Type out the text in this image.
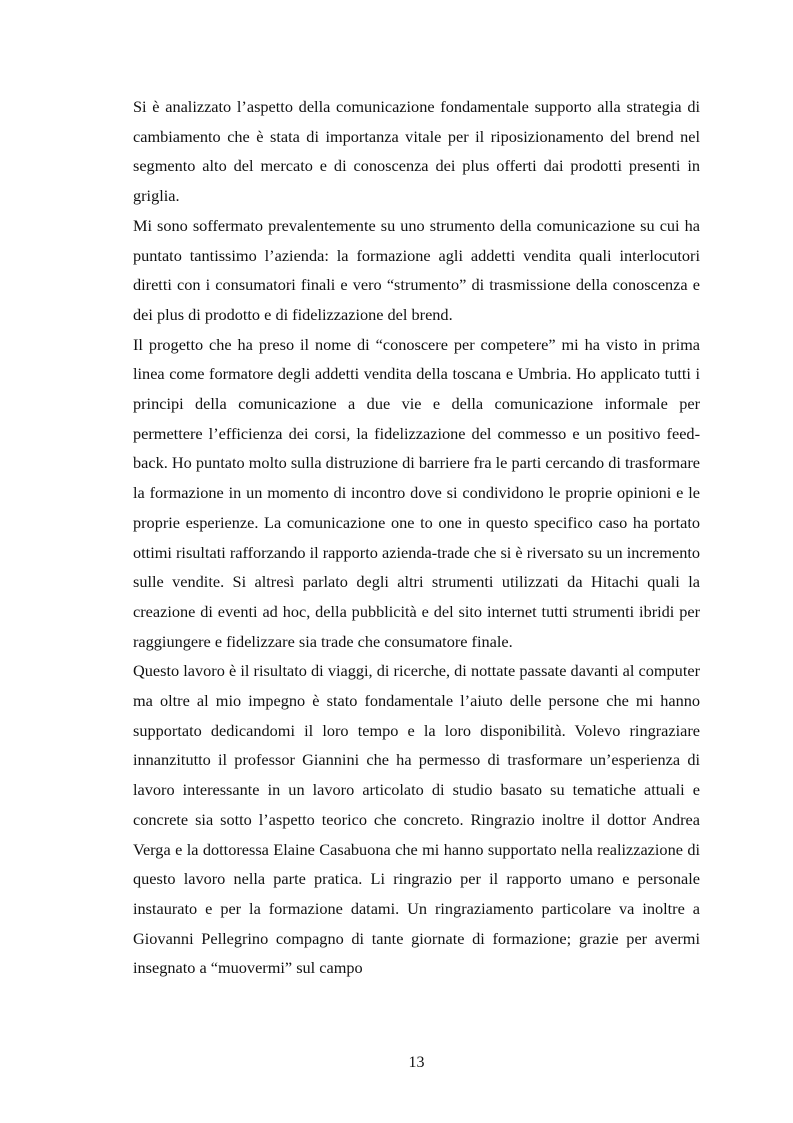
Si è analizzato l’aspetto della comunicazione fondamentale supporto alla strategia di cambiamento che è stata di importanza vitale per il riposizionamento del brend nel segmento alto del mercato e di conoscenza dei plus offerti dai prodotti presenti in griglia.

Mi sono soffermato prevalentemente su uno strumento della comunicazione su cui ha puntato tantissimo l’azienda: la formazione agli addetti vendita quali interlocutori diretti con i consumatori finali e vero “strumento” di trasmissione della conoscenza e dei plus di prodotto e di fidelizzazione del brend.

Il progetto che ha preso il nome di “conoscere per competere” mi ha visto in prima linea come formatore degli addetti vendita della toscana e Umbria. Ho applicato tutti i principi della comunicazione a due vie e della comunicazione informale per permettere l’efficienza dei corsi, la fidelizzazione del commesso e un positivo feed-back. Ho puntato molto sulla distruzione di barriere fra le parti cercando di trasformare la formazione in un momento di incontro dove si condividono le proprie opinioni e le proprie esperienze. La comunicazione one to one in questo specifico caso ha portato ottimi risultati rafforzando il rapporto azienda-trade che si è riversato su un incremento sulle vendite. Si altresì parlato degli altri strumenti utilizzati da Hitachi quali la creazione di eventi ad hoc, della pubblicità e del sito internet tutti strumenti ibridi per raggiungere e fidelizzare sia trade che consumatore finale.

Questo lavoro è il risultato di viaggi, di ricerche, di nottate passate davanti al computer ma oltre al mio impegno è stato fondamentale l’aiuto delle persone che mi hanno supportato dedicandomi il loro tempo e la loro disponibilità. Volevo ringraziare innanzitutto il professor Giannini che ha permesso di trasformare un’esperienza di lavoro interessante in un lavoro articolato di studio basato su tematiche attuali e concrete sia sotto l’aspetto teorico che concreto. Ringrazio inoltre il dottor Andrea Verga e la dottoressa Elaine Casabuona che mi hanno supportato nella realizzazione di questo lavoro nella parte pratica. Li ringrazio per il rapporto umano e personale instaurato e per la formazione datami. Un ringraziamento particolare va inoltre a Giovanni Pellegrino compagno di tante giornate di formazione; grazie per avermi insegnato a “muovermi” sul campo

13
